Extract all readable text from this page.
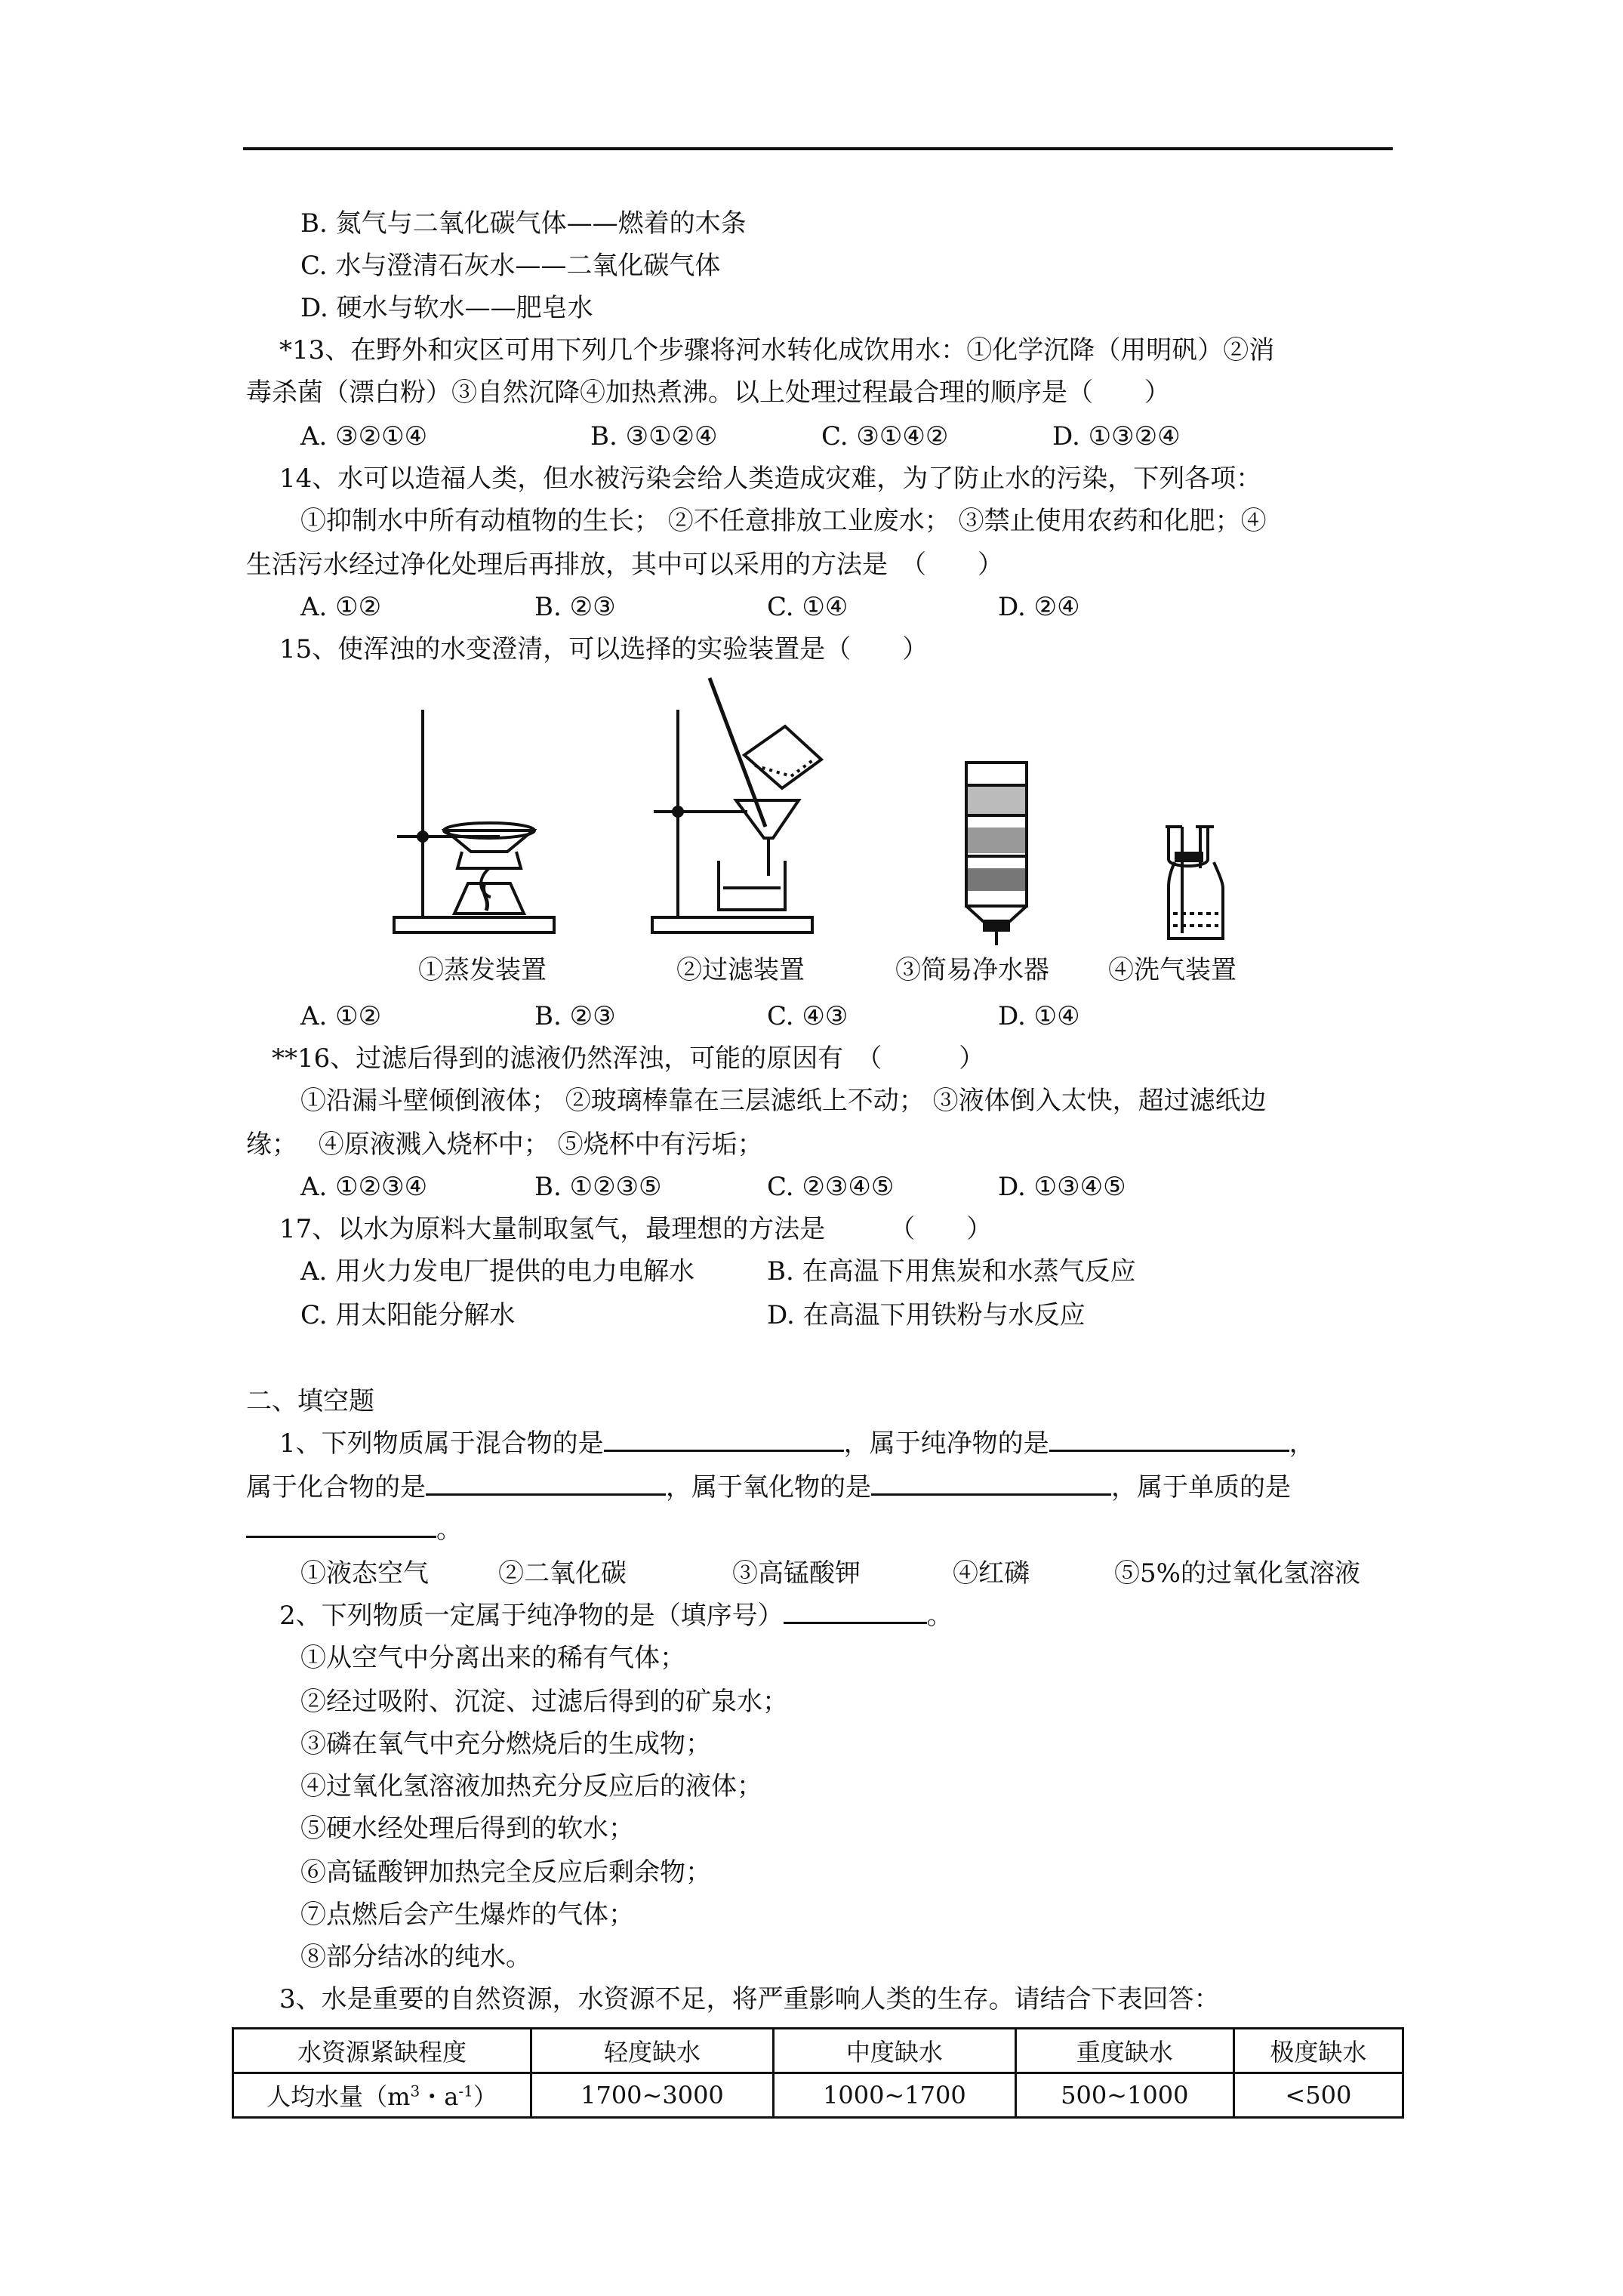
B. 氮气与二氧化碳气体——燃着的木条
C. 水与澄清石灰水——二氧化碳气体
D. 硬水与软水——肥皂水
*13、在野外和灾区可用下列几个步骤将河水转化成饮用水：①化学沉降（用明矾）②消
毒杀菌（漂白粉）③自然沉降④加热煮沸。以上处理过程最合理的顺序是（　　）
A. ③②①④	B. ③①②④	C. ③①④②	D. ①③②④
14、水可以造福人类，但水被污染会给人类造成灾难，为了防止水的污染，下列各项：
①抑制水中所有动植物的生长； ②不任意排放工业废水； ③禁止使用农药和化肥；④
生活污水经过净化处理后再排放，其中可以采用的方法是　（　　）
A. ①②	B. ②③	C. ①④	D. ②④
15、使浑浊的水变澄清，可以选择的实验装置是（　　）
①蒸发装置	②过滤装置	③简易净水器 ④洗气装置
A. ①②	B. ②③	C. ④③	D. ①④
**16、过滤后得到的滤液仍然浑浊，可能的原因有　（　　　）
①沿漏斗壁倾倒液体； ②玻璃棒靠在三层滤纸上不动； ③液体倒入太快，超过滤纸边
缘；　 ④原液溅入烧杯中； ⑤烧杯中有污垢；
A. ①②③④	B. ①②③⑤	C. ②③④⑤	D. ①③④⑤
17、以水为原料大量制取氢气，最理想的方法是　　　（　　）
A. 用火力发电厂提供的电力电解水	B. 在高温下用焦炭和水蒸气反应
C. 用太阳能分解水	D. 在高温下用铁粉与水反应
二、填空题
1、下列物质属于混合物的是	，属于纯净物的是	，
属于化合物的是	，属于氧化物的是	，属于单质的是
。
①液态空气	②二氧化碳	③高锰酸钾	④红磷	⑤5%的过氧化氢溶液
2、下列物质一定属于纯净物的是（填序号）	。
①从空气中分离出来的稀有气体；
②经过吸附、沉淀、过滤后得到的矿泉水；
③磷在氧气中充分燃烧后的生成物；
④过氧化氢溶液加热充分反应后的液体；
⑤硬水经处理后得到的软水；
⑥高锰酸钾加热完全反应后剩余物；
⑦点燃后会产生爆炸的气体；
⑧部分结冰的纯水。
3、水是重要的自然资源，水资源不足，将严重影响人类的生存。请结合下表回答：
水资源紧缺程度	轻度缺水	中度缺水	重度缺水	极度缺水
人均水量（$m^3$・$a^{-1}$）	1700~3000	1000~1700	500~1000	<500
